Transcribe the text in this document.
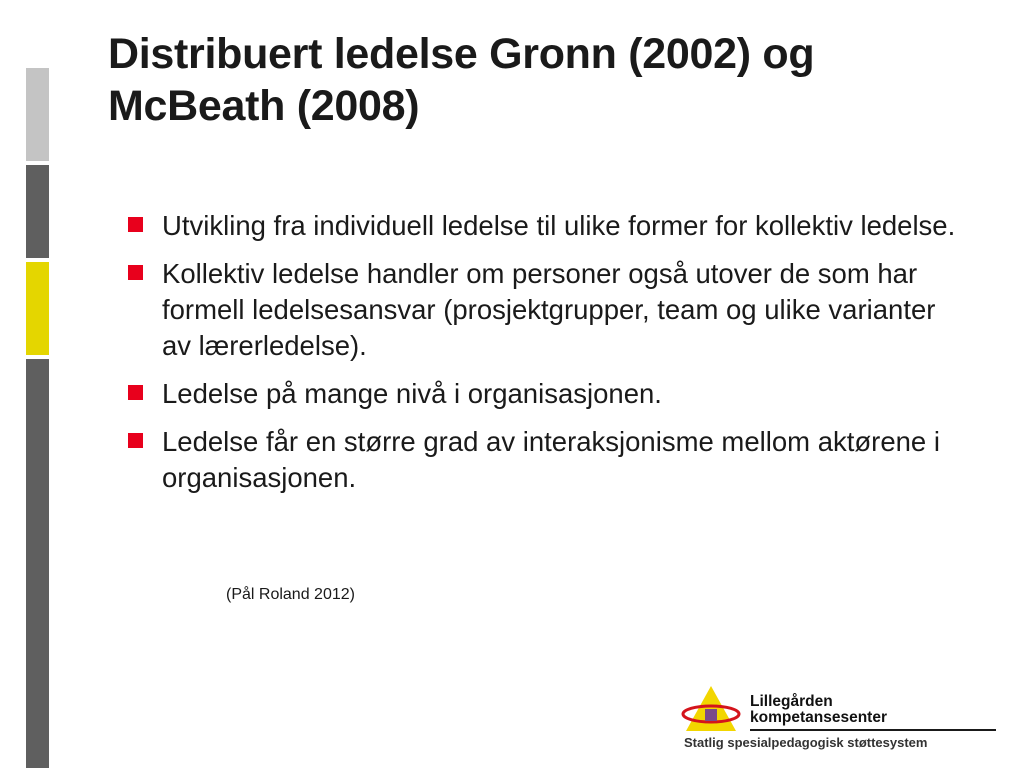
Distribuert ledelse Gronn (2002) og McBeath (2008)
Utvikling fra individuell ledelse til ulike former for kollektiv ledelse.
Kollektiv ledelse handler om personer også utover de som har formell ledelsesansvar (prosjektgrupper, team og ulike varianter av lærerledelse).
Ledelse på mange nivå i organisasjonen.
Ledelse får en større grad av interaksjonisme mellom aktørene i organisasjonen.
(Pål Roland 2012)
Lillegården
kompetansesenter
Statlig spesialpedagogisk støttesystem
